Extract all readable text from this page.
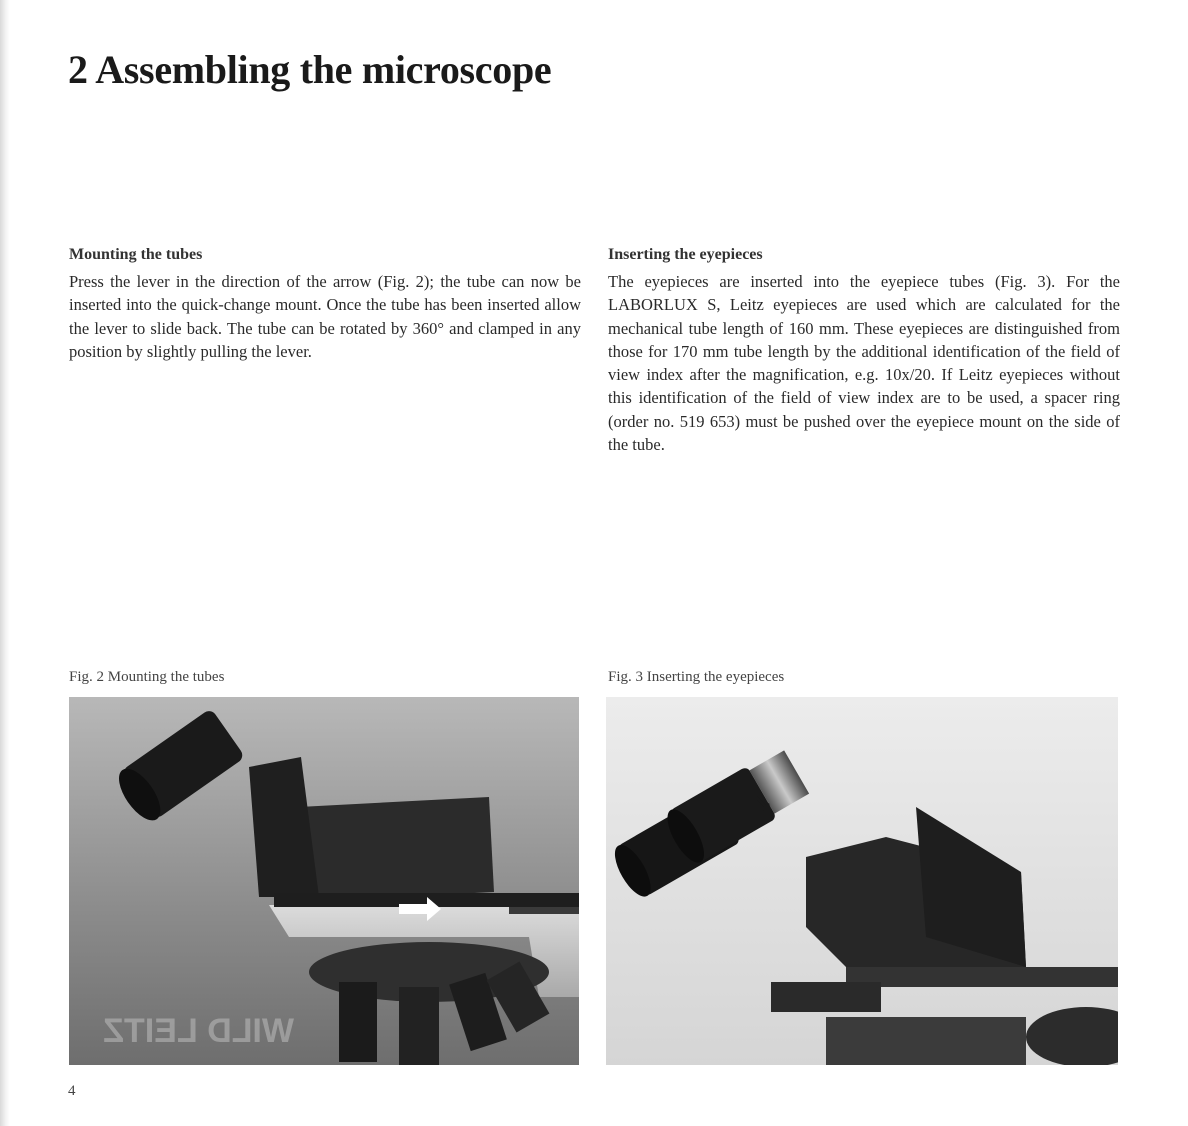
2 Assembling the microscope
Mounting the tubes

Press the lever in the direction of the arrow (Fig. 2); the tube can now be inserted into the quick-change mount. Once the tube has been inserted allow the lever to slide back. The tube can be rotated by 360° and clamped in any position by slightly pulling the lever.

Inserting the eyepieces

The eyepieces are inserted into the eyepiece tubes (Fig. 3). For the LABORLUX S, Leitz eyepieces are used which are calculated for the mechanical tube length of 160 mm. These eyepieces are distinguished from those for 170 mm tube length by the additional identification of the field of view index after the magnification, e.g. 10x/20. If Leitz eyepieces without this identification of the field of view index are to be used, a spacer ring (order no. 519 653) must be pushed over the eyepiece mount on the side of the tube.

Fig. 2 Mounting the tubes	Fig. 3 Inserting the eyepieces

WILD LEITZ

4
